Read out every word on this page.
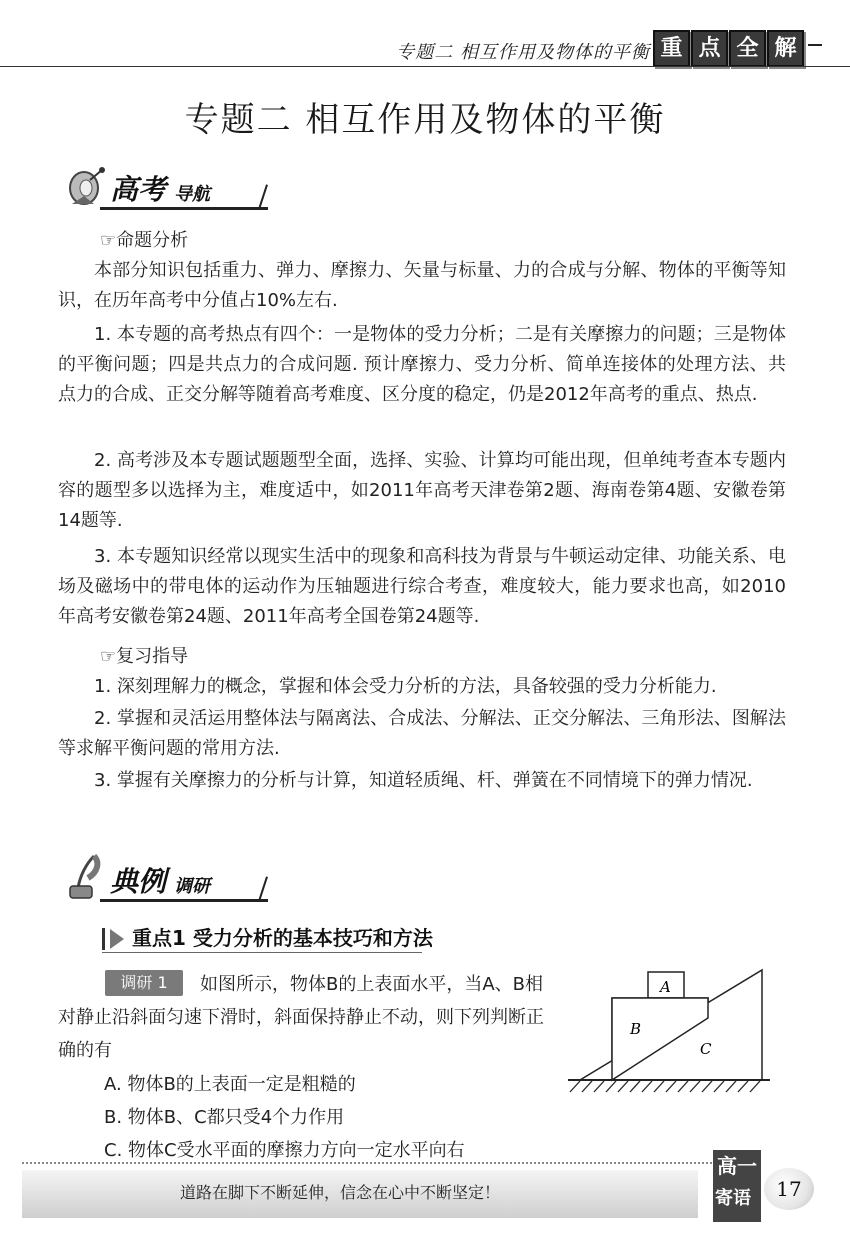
专题二 相互作用及物体的平衡 重 点 全 解
专题二 相互作用及物体的平衡
高考 导航
☞命题分析
本部分知识包括重力、弹力、摩擦力、矢量与标量、力的合成与分解、物体的平衡等知识，在历年高考中分值占10%左右.
1. 本专题的高考热点有四个：一是物体的受力分析；二是有关摩擦力的问题；三是物体的平衡问题；四是共点力的合成问题. 预计摩擦力、受力分析、简单连接体的处理方法、共点力的合成、正交分解等随着高考难度、区分度的稳定，仍是2012年高考的重点、热点.
2. 高考涉及本专题试题题型全面，选择、实验、计算均可能出现，但单纯考查本专题内容的题型多以选择为主，难度适中，如2011年高考天津卷第2题、海南卷第4题、安徽卷第14题等.
3. 本专题知识经常以现实生活中的现象和高科技为背景与牛顿运动定律、功能关系、电场及磁场中的带电体的运动作为压轴题进行综合考查，难度较大，能力要求也高，如2010年高考安徽卷第24题、2011年高考全国卷第24题等.
☞复习指导
1. 深刻理解力的概念，掌握和体会受力分析的方法，具备较强的受力分析能力.
2. 掌握和灵活运用整体法与隔离法、合成法、分解法、正交分解法、三角形法、图解法等求解平衡问题的常用方法.
3. 掌握有关摩擦力的分析与计算，知道轻质绳、杆、弹簧在不同情境下的弹力情况.
典例 调研
重点1 受力分析的基本技巧和方法
调研 1	如图所示，物体B的上表面水平，当A、B相对静止沿斜面匀速下滑时，斜面保持静止不动，则下列判断正确的有
A. 物体B的上表面一定是粗糙的
B. 物体B、C都只受4个力作用
C. 物体C受水平面的摩擦力方向一定水平向右
A
B
C
道路在脚下不断延伸，信念在心中不断坚定！
高一
寄语	17
